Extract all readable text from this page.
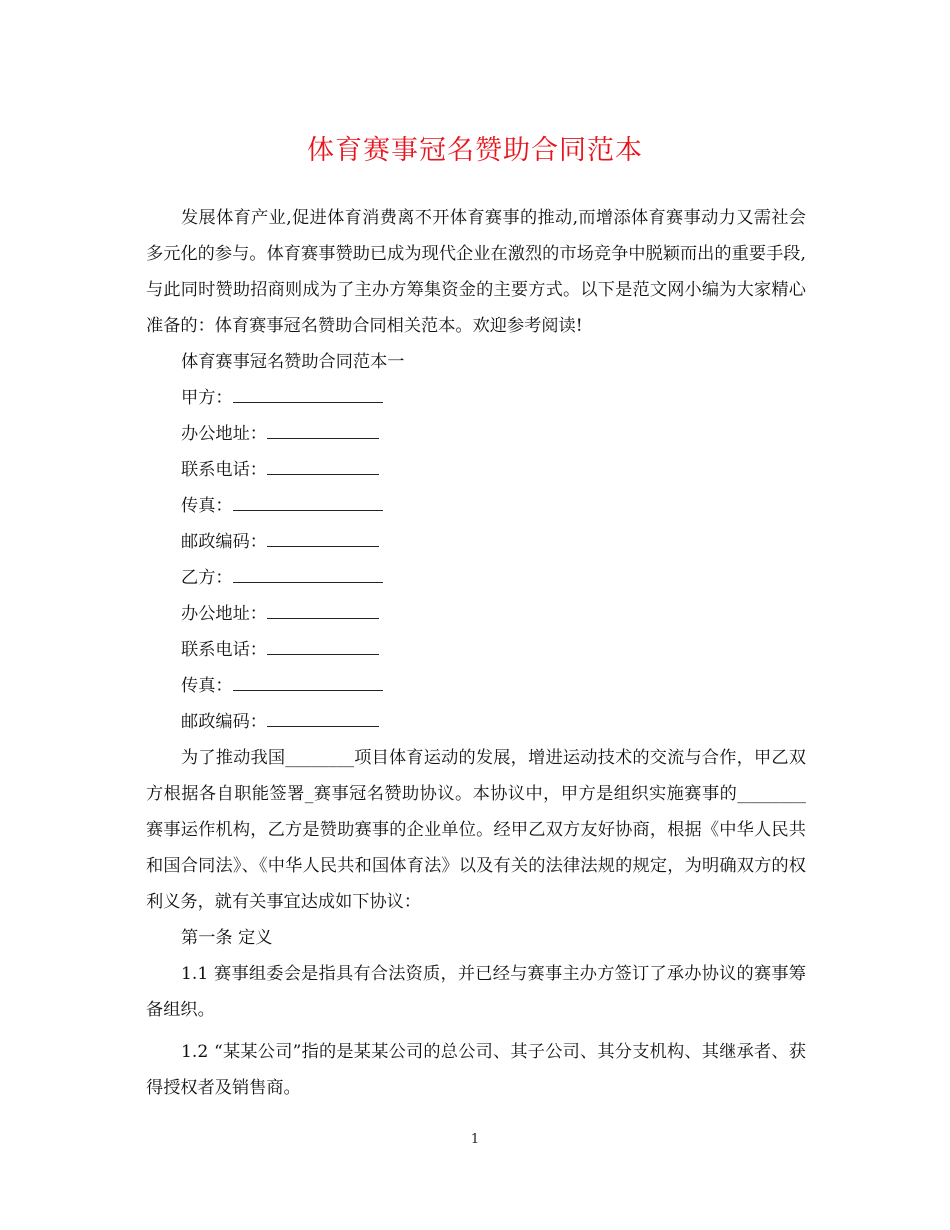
体育赛事冠名赞助合同范本

发展体育产业,促进体育消费离不开体育赛事的推动,而增添体育赛事动力又需社会多元化的参与。体育赛事赞助已成为现代企业在激烈的市场竞争中脱颖而出的重要手段,与此同时赞助招商则成为了主办方筹集资金的主要方式。以下是范文网小编为大家精心准备的：体育赛事冠名赞助合同相关范本。欢迎参考阅读!

体育赛事冠名赞助合同范本一

甲方：

办公地址：

联系电话：

传真：

邮政编码：

乙方：

办公地址：

联系电话：

传真：

邮政编码：

为了推动我国________项目体育运动的发展，增进运动技术的交流与合作，甲乙双方根据各自职能签署_赛事冠名赞助协议。本协议中，甲方是组织实施赛事的________赛事运作机构，乙方是赞助赛事的企业单位。经甲乙双方友好协商，根据《中华人民共和国合同法》、《中华人民共和国体育法》以及有关的法律法规的规定，为明确双方的权利义务，就有关事宜达成如下协议：

第一条 定义

1.1 赛事组委会是指具有合法资质，并已经与赛事主办方签订了承办协议的赛事筹备组织。

1.2 “某某公司”指的是某某公司的总公司、其子公司、其分支机构、其继承者、获得授权者及销售商。

1
